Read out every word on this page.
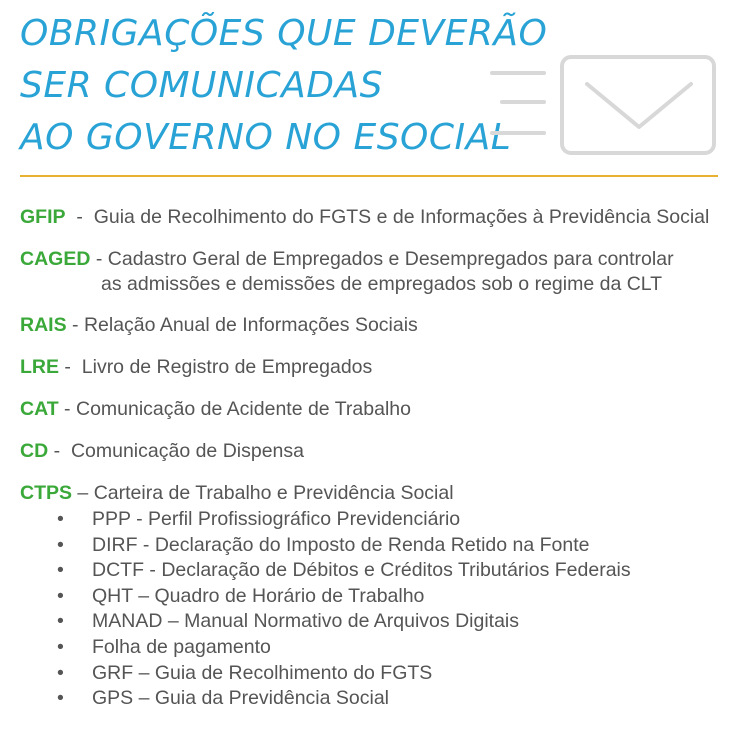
OBRIGAÇÕES QUE DEVERÃO
SER COMUNICADAS
AO GOVERNO NO ESOCIAL

GFIP  -  Guia de Recolhimento do FGTS e de Informações à Previdência Social

CAGED - Cadastro Geral de Empregados e Desempregados para controlar
as admissões e demissões de empregados sob o regime da CLT

RAIS - Relação Anual de Informações Sociais

LRE -  Livro de Registro de Empregados

CAT - Comunicação de Acidente de Trabalho

CD -  Comunicação de Dispensa

CTPS – Carteira de Trabalho e Previdência Social

• PPP - Perfil Profissiográfico Previdenciário
• DIRF - Declaração do Imposto de Renda Retido na Fonte
• DCTF - Declaração de Débitos e Créditos Tributários Federais
• QHT – Quadro de Horário de Trabalho
• MANAD – Manual Normativo de Arquivos Digitais
• Folha de pagamento
• GRF – Guia de Recolhimento do FGTS
• GPS – Guia da Previdência Social
